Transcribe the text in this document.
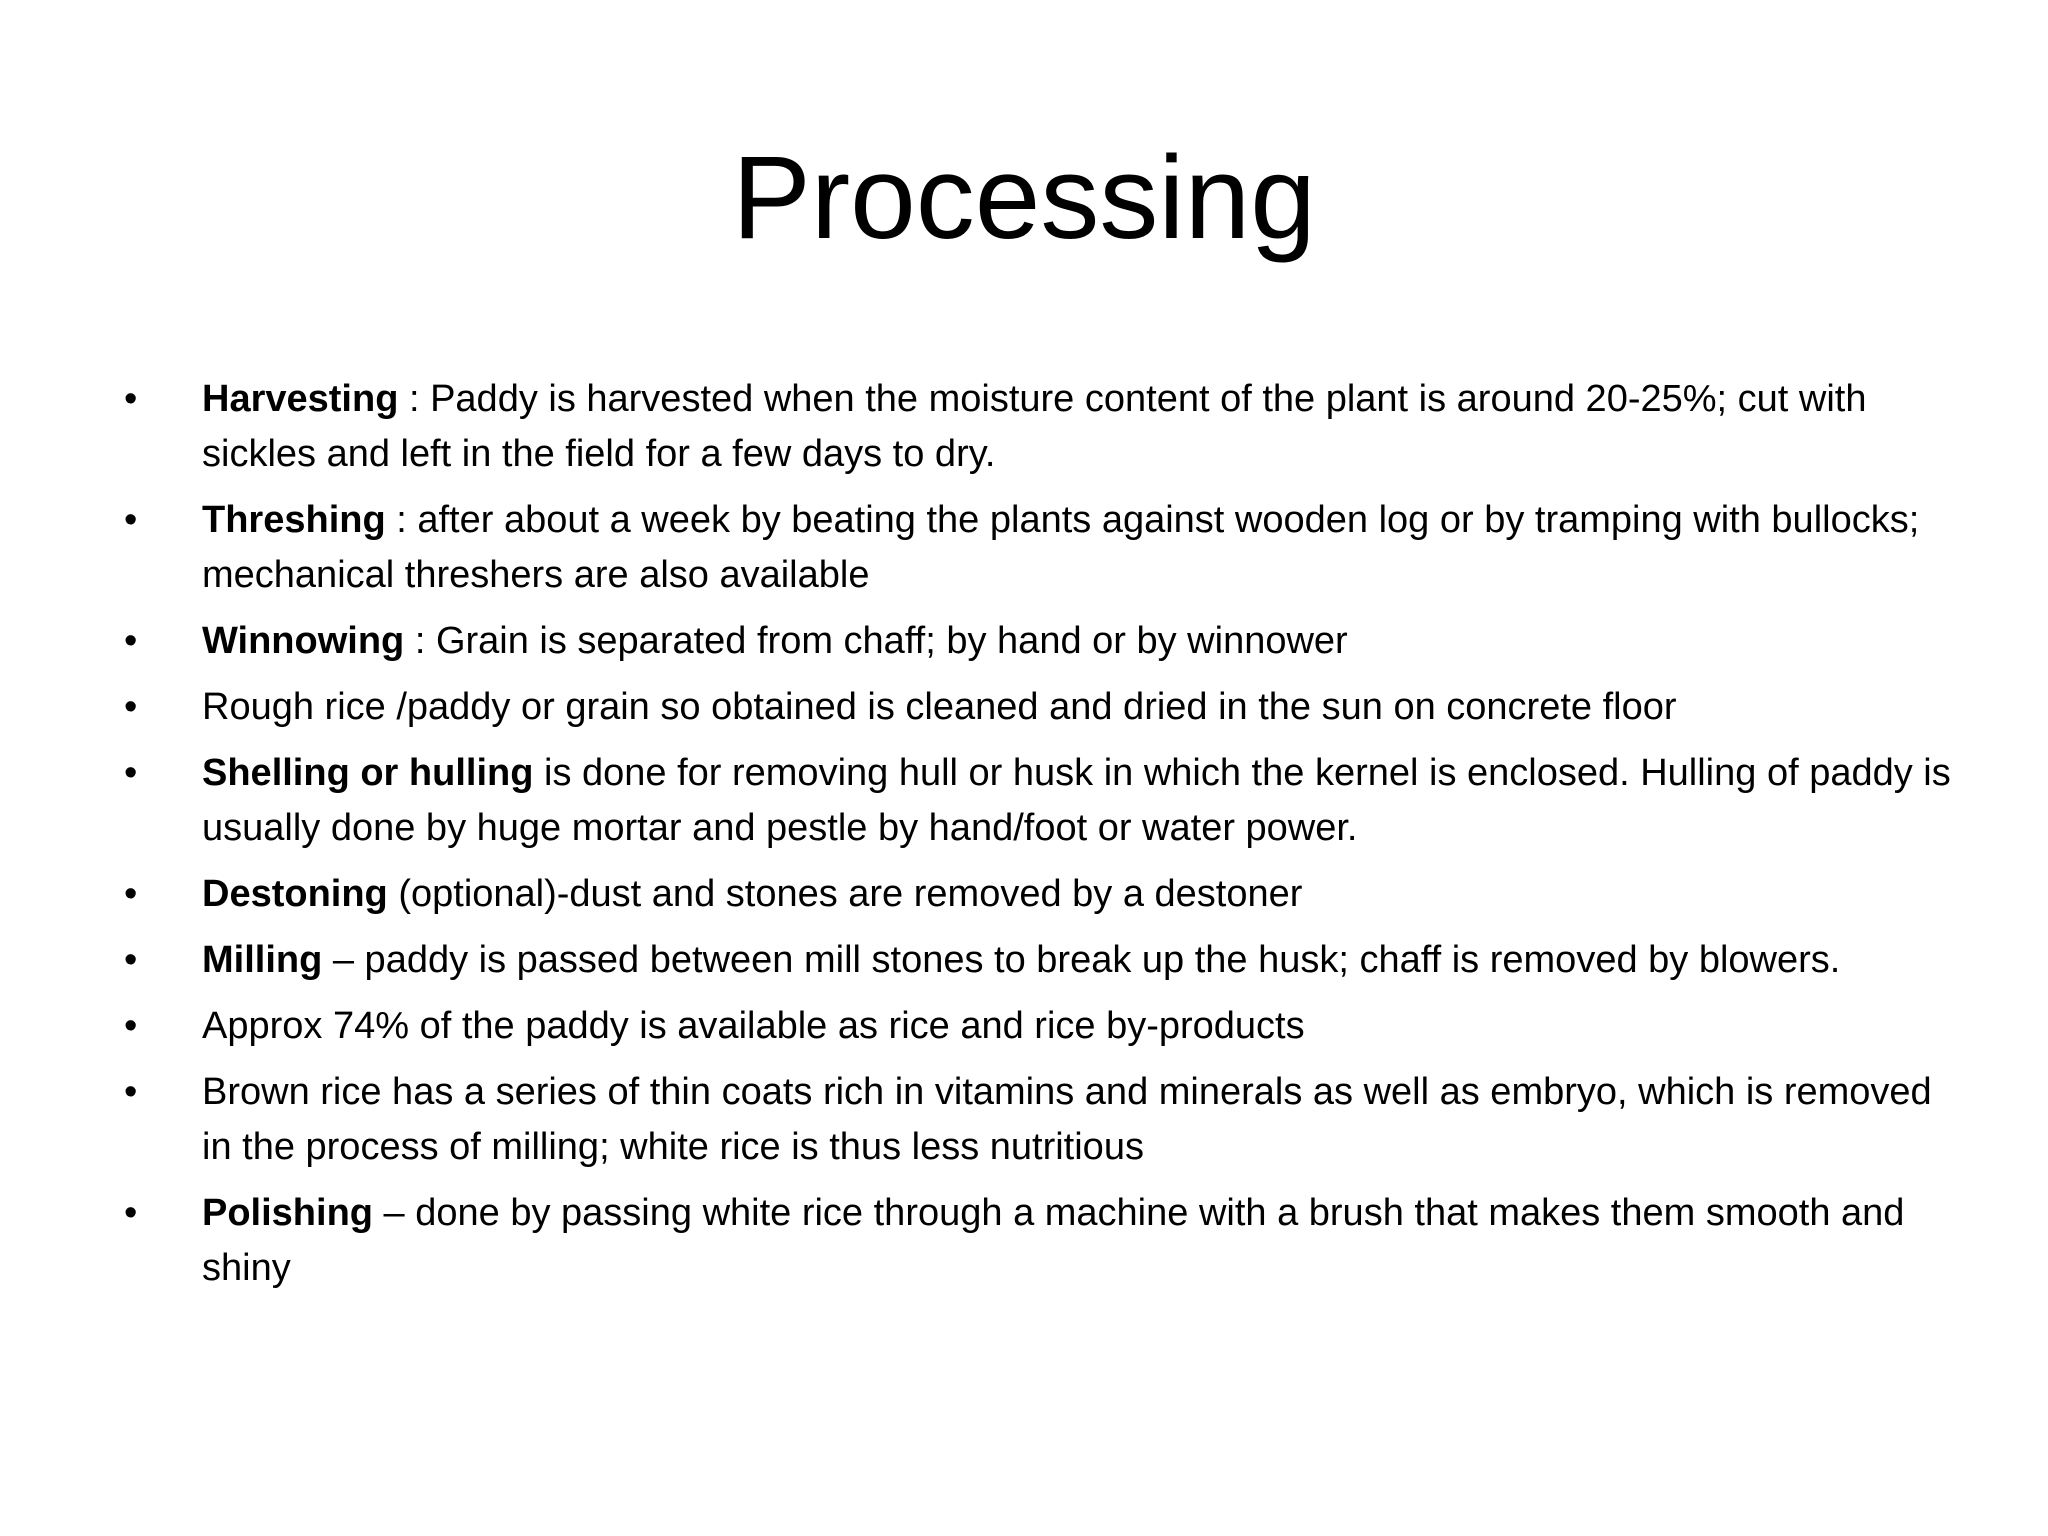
Processing
• Harvesting : Paddy is harvested when the moisture content of the plant is around 20-25%; cut with sickles and left in the field for a few days to dry.
• Threshing : after about a week by beating the plants against wooden log or by tramping with bullocks; mechanical threshers are also available
• Winnowing : Grain is separated from chaff; by hand or by winnower
• Rough rice /paddy or grain so obtained is cleaned and dried in the sun on concrete floor
• Shelling or hulling is done for removing hull or husk in which the kernel is enclosed. Hulling of paddy is usually done by huge mortar and pestle by hand/foot or water power.
• Destoning (optional)-dust and stones are removed by a destoner
• Milling – paddy is passed between mill stones to break up the husk; chaff is removed by blowers.
• Approx 74% of the paddy is available as rice and rice by-products
• Brown rice has a series of thin coats rich in vitamins and minerals as well as embryo, which is removed in the process of milling; white rice is thus less nutritious
• Polishing – done by passing white rice through a machine with a brush that makes them smooth and shiny
